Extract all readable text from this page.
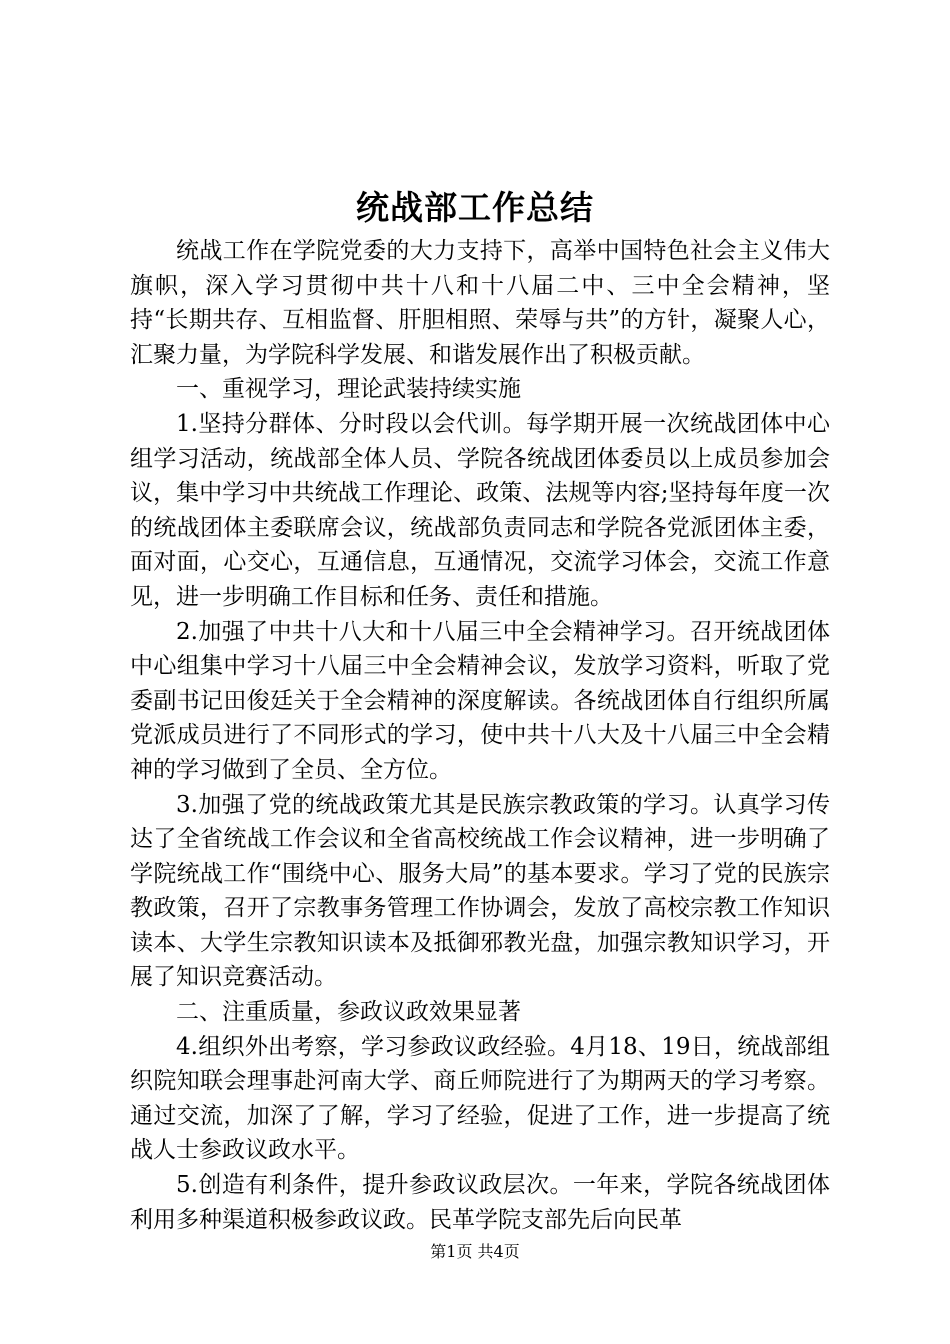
统战部工作总结

统战工作在学院党委的大力支持下，高举中国特色社会主义伟大旗帜，深入学习贯彻中共十八和十八届二中、三中全会精神，坚持“长期共存、互相监督、肝胆相照、荣辱与共”的方针，凝聚人心，汇聚力量，为学院科学发展、和谐发展作出了积极贡献。

一、重视学习，理论武装持续实施

1.坚持分群体、分时段以会代训。每学期开展一次统战团体中心组学习活动，统战部全体人员、学院各统战团体委员以上成员参加会议，集中学习中共统战工作理论、政策、法规等内容;坚持每年度一次的统战团体主委联席会议，统战部负责同志和学院各党派团体主委，面对面，心交心，互通信息，互通情况，交流学习体会，交流工作意见，进一步明确工作目标和任务、责任和措施。

2.加强了中共十八大和十八届三中全会精神学习。召开统战团体中心组集中学习十八届三中全会精神会议，发放学习资料，听取了党委副书记田俊廷关于全会精神的深度解读。各统战团体自行组织所属党派成员进行了不同形式的学习，使中共十八大及十八届三中全会精神的学习做到了全员、全方位。

3.加强了党的统战政策尤其是民族宗教政策的学习。认真学习传达了全省统战工作会议和全省高校统战工作会议精神，进一步明确了学院统战工作“围绕中心、服务大局”的基本要求。学习了党的民族宗教政策，召开了宗教事务管理工作协调会，发放了高校宗教工作知识读本、大学生宗教知识读本及抵御邪教光盘，加强宗教知识学习，开展了知识竞赛活动。

二、注重质量，参政议政效果显著

4.组织外出考察，学习参政议政经验。4月18、19日，统战部组织院知联会理事赴河南大学、商丘师院进行了为期两天的学习考察。通过交流，加深了了解，学习了经验，促进了工作，进一步提高了统战人士参政议政水平。

5.创造有利条件，提升参政议政层次。一年来，学院各统战团体利用多种渠道积极参政议政。民革学院支部先后向民革

第1页 共4页
